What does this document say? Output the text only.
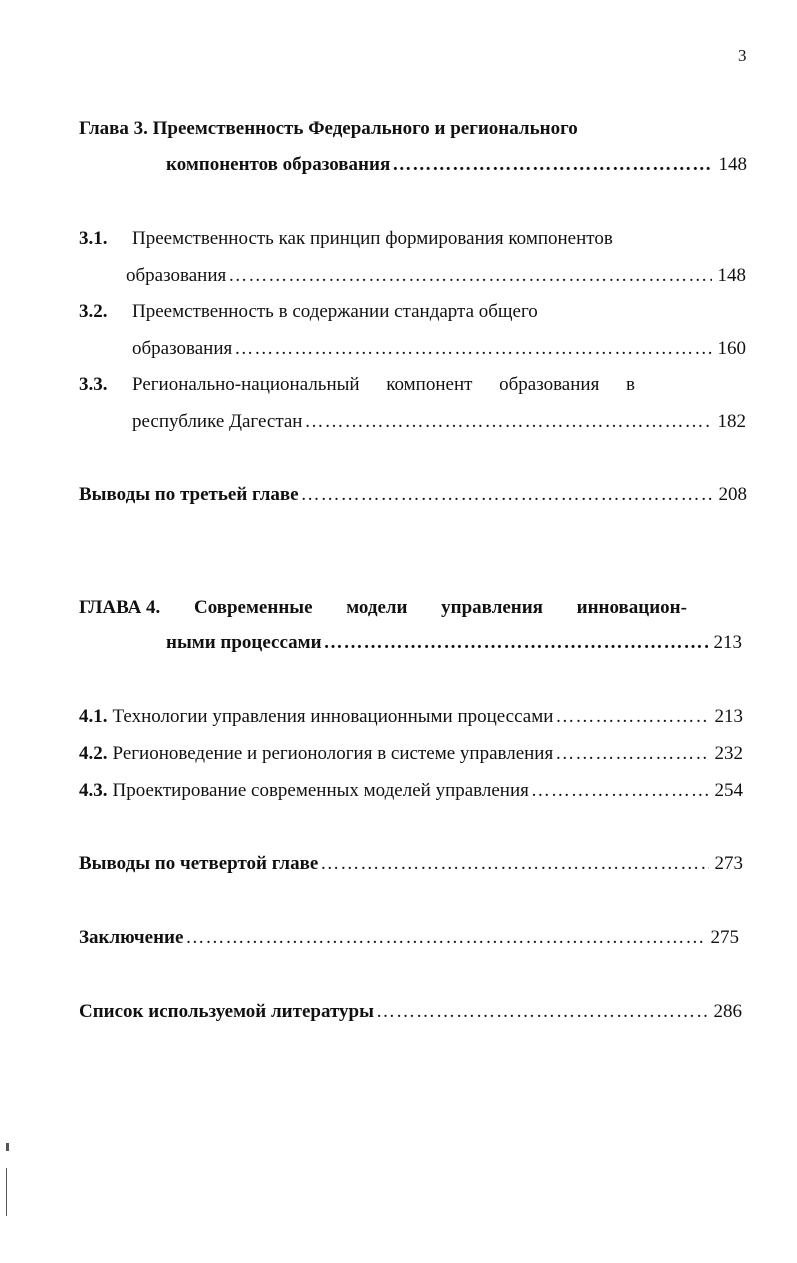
3
Глава 3. Преемственность Федерального и регионального
компонентов образования …………………………………………………………………………………………………………………………………………………………	148
3.1. Преемственность как принцип формирования компонентов
образования …………………………………………………………………………………………………………………………………………………………	148
3.2. Преемственность в содержании стандарта общего
образования …………………………………………………………………………………………………………………………………………………………	160
3.3. Регионально-национальный компонент образования в
республике Дагестан …………………………………………………………………………………………………………………………………………………………	182
Выводы по третьей главе …………………………………………………………………………………………………………………………………………………………	208
ГЛАВА 4. Современные модели управления инновацион-
ными процессами …………………………………………………………………………………………………………………………………………………………	213
4.1. Технологии управления инновационными процессами …………………………………………………………………………………………………………………………………………………………	213
4.2. Регионоведение и регионология в системе управления …………………………………………………………………………………………………………………………………………………………	232
4.3. Проектирование современных моделей управления …………………………………………………………………………………………………………………………………………………………	254
Выводы по четвертой главе …………………………………………………………………………………………………………………………………………………………	273
Заключение …………………………………………………………………………………………………………………………………………………………	275
Список используемой литературы …………………………………………………………………………………………………………………………………………………………	286
